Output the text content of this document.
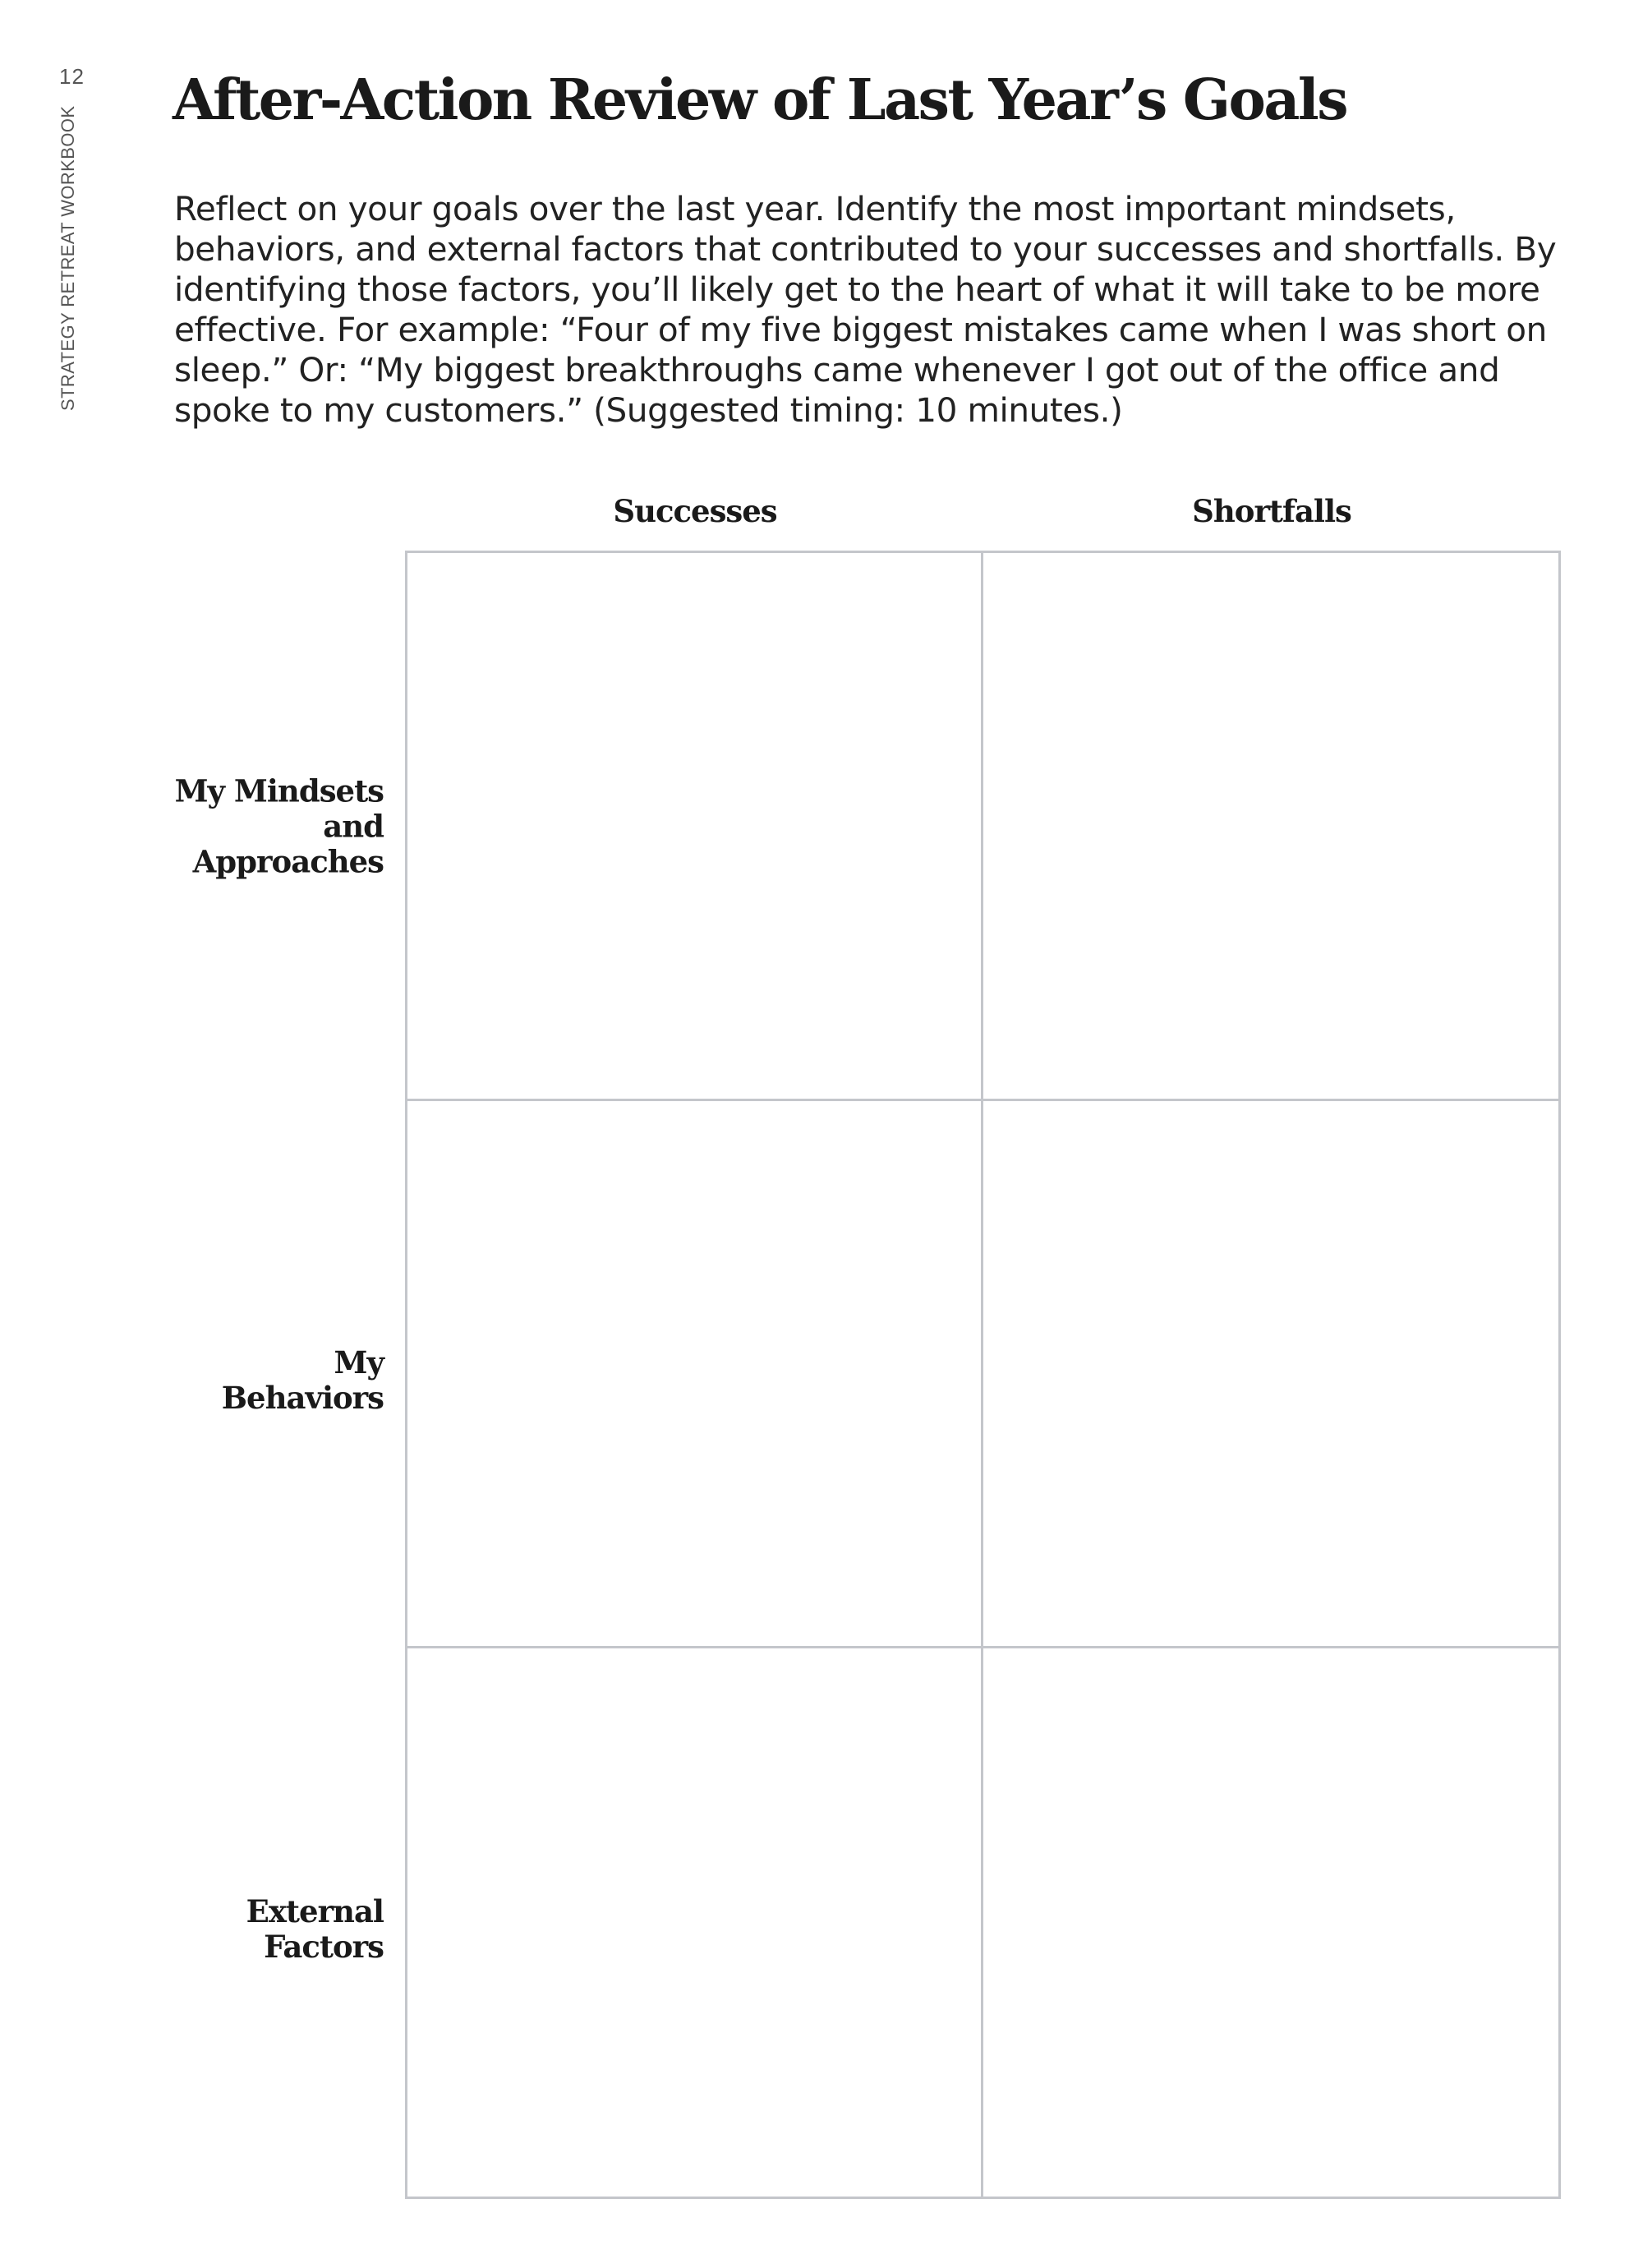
12
STRATEGY RETREAT WORKBOOK
After-Action Review of Last Year’s Goals

Reflect on your goals over the last year. Identify the most important mindsets, behaviors, and external factors that contributed to your successes and shortfalls. By identifying those factors, you’ll likely get to the heart of what it will take to be more effective. For example: “Four of my five biggest mistakes came when I was short on sleep.” Or: “My biggest breakthroughs came whenever I got out of the office and spoke to my customers.” (Suggested timing: 10 minutes.)

Successes	Shortfalls
My Mindsets
and
Approaches
My
Behaviors
External
Factors
